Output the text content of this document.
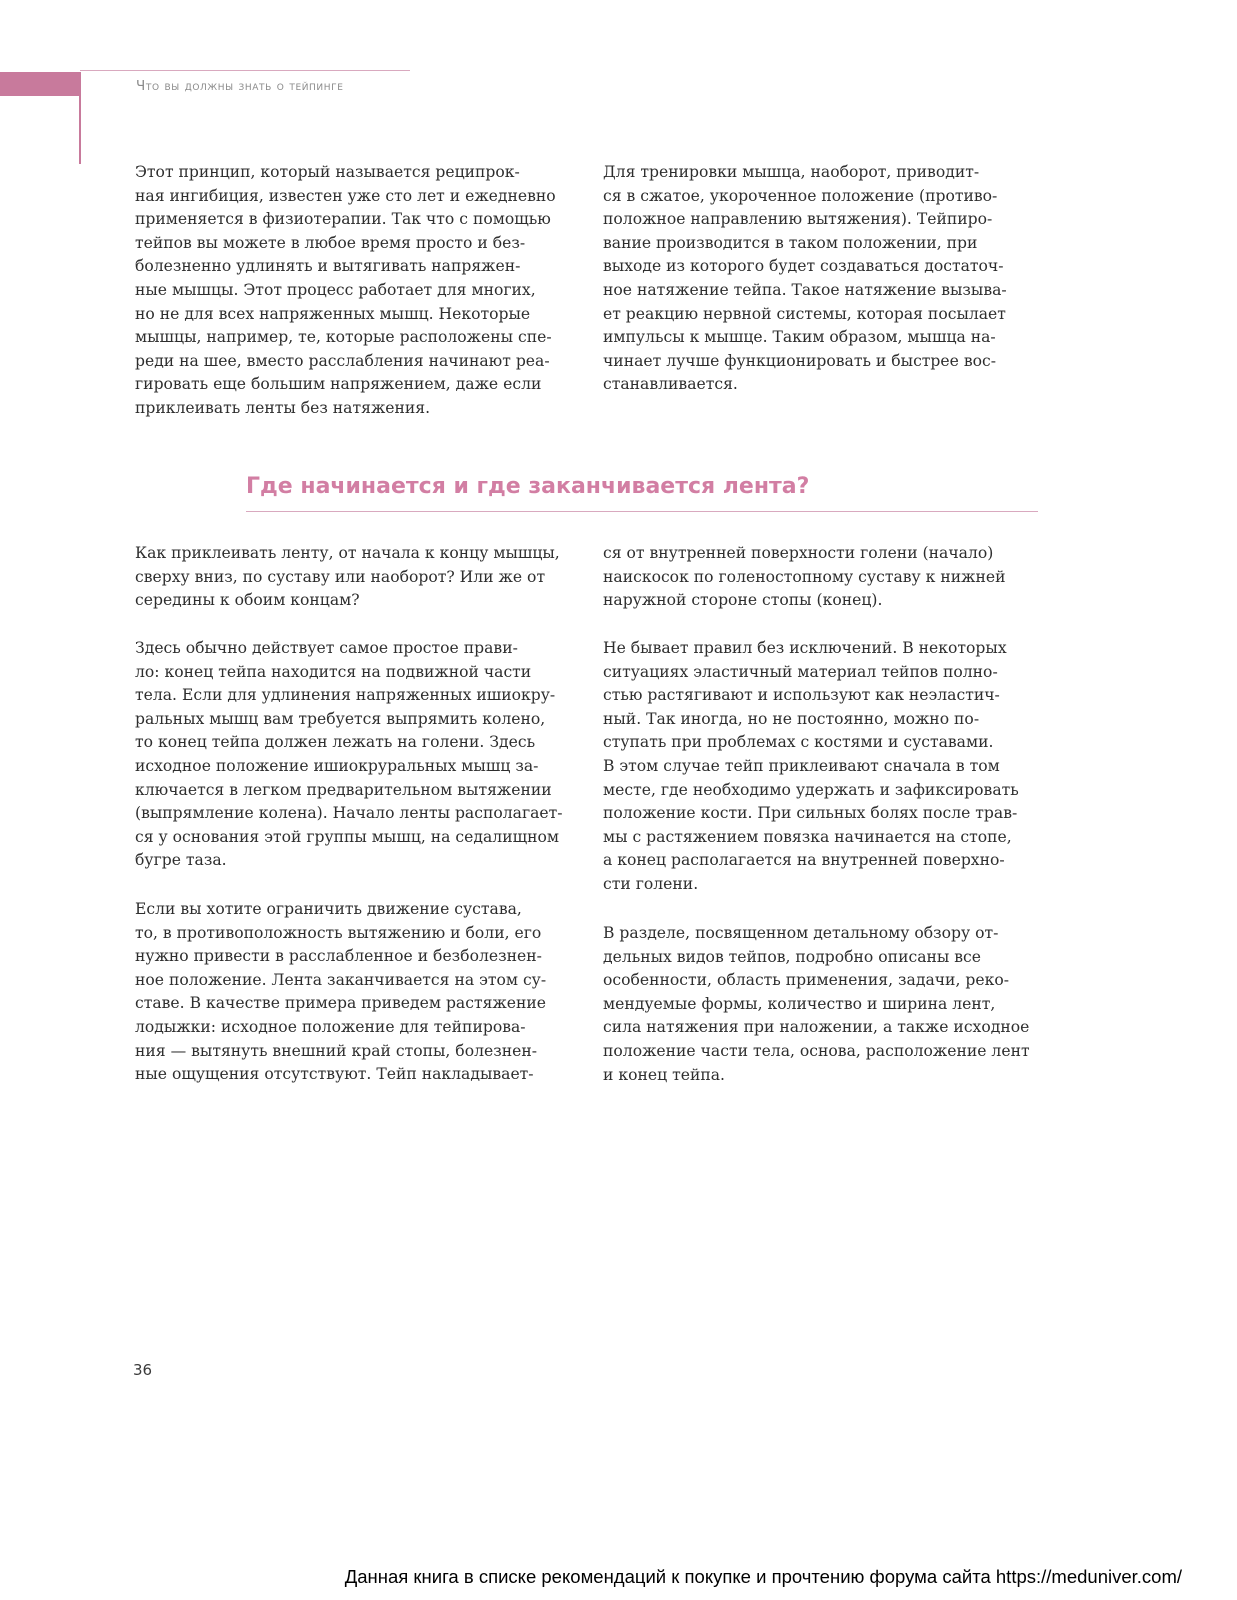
Что вы должны знать о тейпинге
Этот принцип, который называется реципрок-
ная ингибиция, известен уже сто лет и ежедневно
применяется в физиотерапии. Так что с помощью
тейпов вы можете в любое время просто и без-
болезненно удлинять и вытягивать напряжен-
ные мышцы. Этот процесс работает для многих,
но не для всех напряженных мышц. Некоторые
мышцы, например, те, которые расположены спе-
реди на шее, вместо расслабления начинают реа-
гировать еще большим напряжением, даже если
приклеивать ленты без натяжения.
Для тренировки мышца, наоборот, приводит-
ся в сжатое, укороченное положение (противо-
положное направлению вытяжения). Тейпиро-
вание производится в таком положении, при
выходе из которого будет создаваться достаточ-
ное натяжение тейпа. Такое натяжение вызыва-
ет реакцию нервной системы, которая посылает
импульсы к мышце. Таким образом, мышца на-
чинает лучше функционировать и быстрее вос-
станавливается.
Где начинается и где заканчивается лента?
Как приклеивать ленту, от начала к концу мышцы,
сверху вниз, по суставу или наоборот? Или же от
середины к обоим концам?
Здесь обычно действует самое простое прави-
ло: конец тейпа находится на подвижной части
тела. Если для удлинения напряженных ишиокру-
ральных мышц вам требуется выпрямить колено,
то конец тейпа должен лежать на голени. Здесь
исходное положение ишиокруральных мышц за-
ключается в легком предварительном вытяжении
(выпрямление колена). Начало ленты располагает-
ся у основания этой группы мышц, на седалищном
бугре таза.
Если вы хотите ограничить движение сустава,
то, в противоположность вытяжению и боли, его
нужно привести в расслабленное и безболезнен-
ное положение. Лента заканчивается на этом су-
ставе. В качестве примера приведем растяжение
лодыжки: исходное положение для тейпирова-
ния — вытянуть внешний край стопы, болезнен-
ные ощущения отсутствуют. Тейп накладывает-
ся от внутренней поверхности голени (начало)
наискосок по голеностопному суставу к нижней
наружной стороне стопы (конец).
Не бывает правил без исключений. В некоторых
ситуациях эластичный материал тейпов полно-
стью растягивают и используют как неэластич-
ный. Так иногда, но не постоянно, можно по-
ступать при проблемах с костями и суставами.
В этом случае тейп приклеивают сначала в том
месте, где необходимо удержать и зафиксировать
положение кости. При сильных болях после трав-
мы с растяжением повязка начинается на стопе,
а конец располагается на внутренней поверхно-
сти голени.
В разделе, посвященном детальному обзору от-
дельных видов тейпов, подробно описаны все
особенности, область применения, задачи, реко-
мендуемые формы, количество и ширина лент,
сила натяжения при наложении, а также исходное
положение части тела, основа, расположение лент
и конец тейпа.
36
Данная книга в списке рекомендаций к покупке и прочтению форума сайта https://meduniver.com/
